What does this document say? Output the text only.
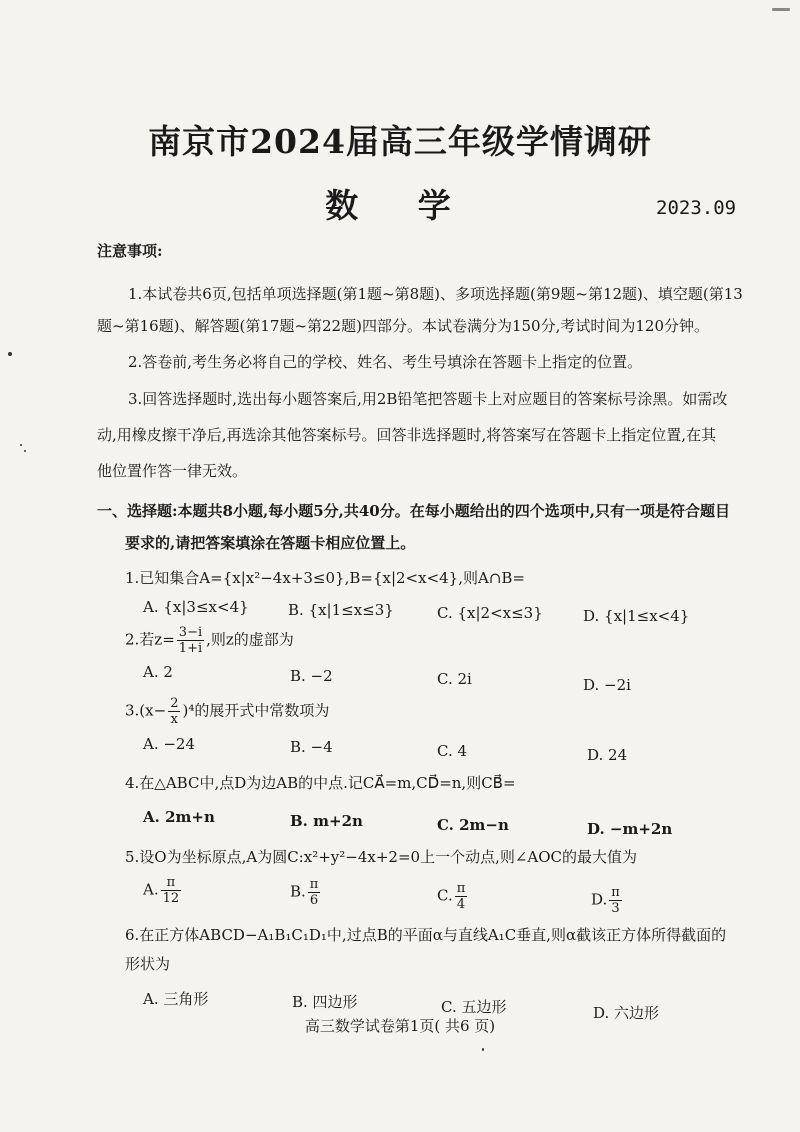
南京市2024届高三年级学情调研
数 学	2023.09
注意事项:
1.本试卷共6页,包括单项选择题(第1题~第8题)、多项选择题(第9题~第12题)、填空题(第13
题~第16题)、解答题(第17题~第22题)四部分。本试卷满分为150分,考试时间为120分钟。
2.答卷前,考生务必将自己的学校、姓名、考生号填涂在答题卡上指定的位置。
3.回答选择题时,选出每小题答案后,用2B铅笔把答题卡上对应题目的答案标号涂黑。如需改
动,用橡皮擦干净后,再选涂其他答案标号。回答非选择题时,将答案写在答题卡上指定位置,在其
他位置作答一律无效。
一、选择题:本题共8小题,每小题5分,共40分。在每小题给出的四个选项中,只有一项是符合题目
要求的,请把答案填涂在答题卡相应位置上。
1.已知集合A={x|x²−4x+3≤0},B={x|2<x<4},则A∩B=
A. {x|3≤x<4}	B. {x|1≤x≤3}	C. {x|2<x≤3}	D. {x|1≤x<4}
2.若$z= \frac{3-i}{1+i}$ ,则z的虚部为
A. 2	B. −2	C. 2i	D. −2i
$3.(x- \frac{2}{x} )^4$的展开式中常数项为
A. −24	B. −4	C. 4	D. 24
4.在△ABC中,点D为边AB的中点.记CA⃗=m,CD⃗=n,则CB⃗=
A. 2m+n	B. m+2n	C. 2m−n	D. −m+2n
5.设O为坐标原点,A为圆C:x²+y²−4x+2=0上一个动点,则∠AOC的最大值为
A. $\frac{\pi}{12}$	B. $\frac{\pi}{6}$	C. $\frac{\pi}{4}$	D. $\frac{\pi}{3}$
6.在正方体ABCD−A₁B₁C₁D₁中,过点B的平面α与直线A₁C垂直,则α截该正方体所得截面的
形状为
A. 三角形	B. 四边形	C. 五边形	D. 六边形
高三数学试卷第1页( 共6 页)
